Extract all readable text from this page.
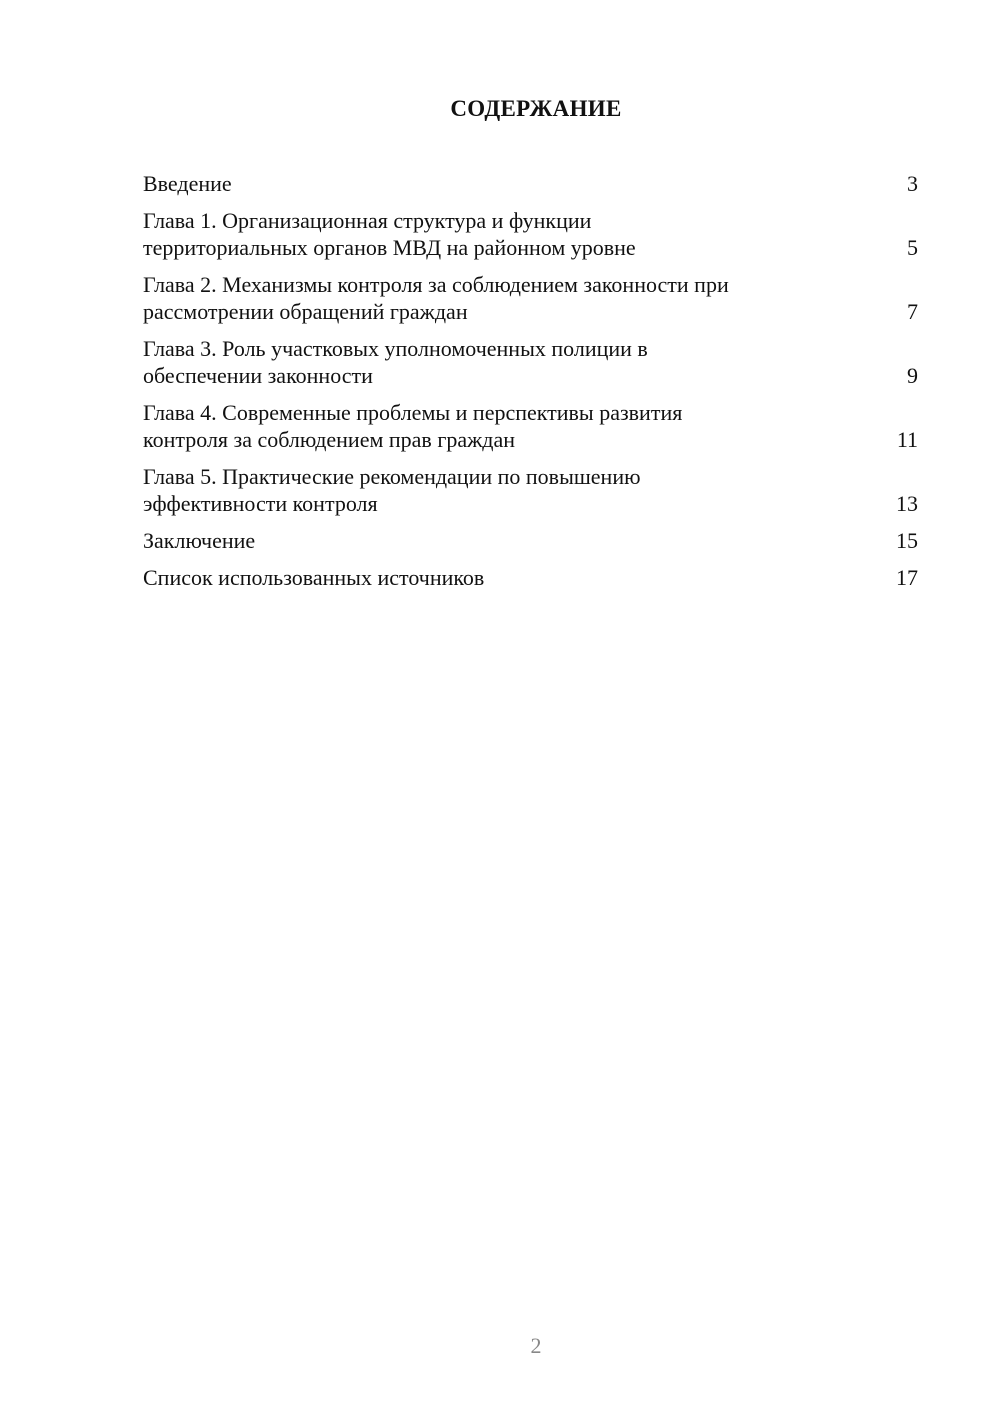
СОДЕРЖАНИЕ
Введение	3
Глава 1. Организационная структура и функции
территориальных органов МВД на районном уровне	5
Глава 2. Механизмы контроля за соблюдением законности при
рассмотрении обращений граждан	7
Глава 3. Роль участковых уполномоченных полиции в
обеспечении законности	9
Глава 4. Современные проблемы и перспективы развития
контроля за соблюдением прав граждан	11
Глава 5. Практические рекомендации по повышению
эффективности контроля	13
Заключение	15
Список использованных источников	17
2
